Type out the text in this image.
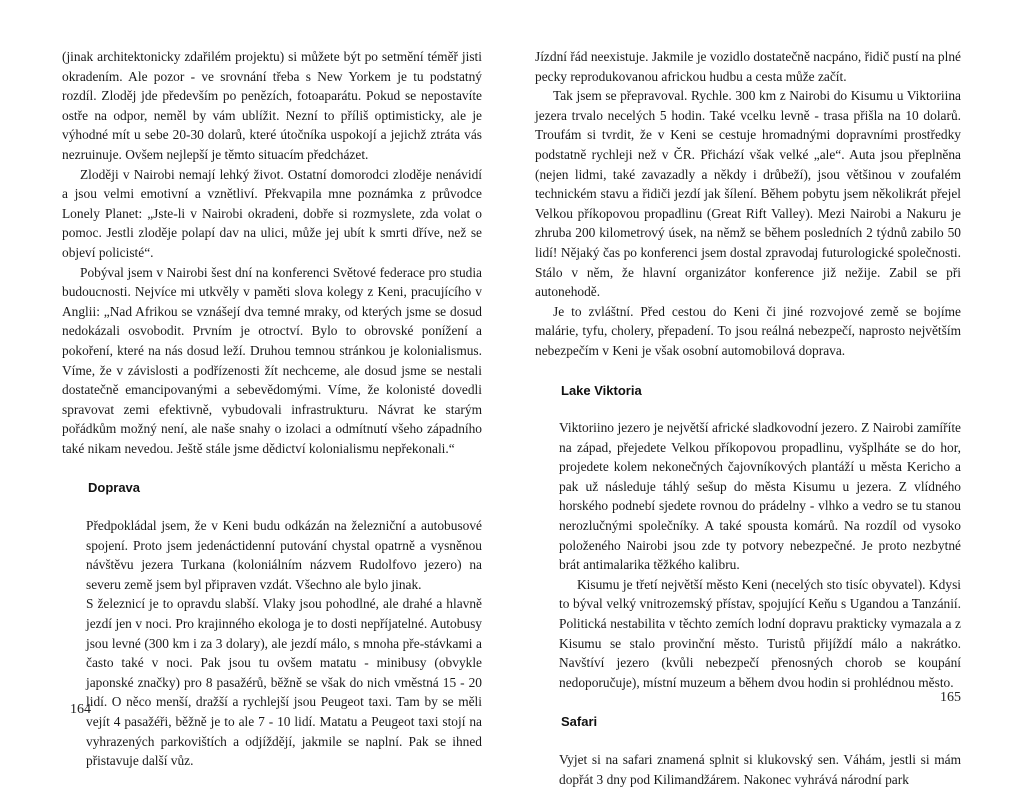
(jinak architektonicky zdařilém projektu) si můžete být po setmění téměř jisti okradením. Ale pozor - ve srovnání třeba s New Yorkem je tu podstatný rozdíl. Zloděj jde především po penězích, fotoaparátu. Pokud se nepostavíte ostře na odpor, neměl by vám ublížit. Nezní to příliš optimisticky, ale je výhodné mít u sebe 20-30 dolarů, které útočníka uspokojí a jejichž ztráta vás nezruinuje. Ovšem nejlepší je těmto situacím předcházet.

Zloději v Nairobi nemají lehký život. Ostatní domorodci zloděje nenávidí a jsou velmi emotivní a vznětliví. Překvapila mne poznámka z průvodce Lonely Planet: „Jste-li v Nairobi okradeni, dobře si rozmyslete, zda volat o pomoc. Jestli zloděje polapí dav na ulici, může jej ubít k smrti dříve, než se objeví policisté“.

Pobýval jsem v Nairobi šest dní na konferenci Světové federace pro studia budoucnosti. Nejvíce mi utkvěly v paměti slova kolegy z Keni, pracujícího v Anglii: „Nad Afrikou se vznášejí dva temné mraky, od kterých jsme se dosud nedokázali osvobodit. Prvním je otroctví. Bylo to obrovské ponížení a pokoření, které na nás dosud leží. Druhou temnou stránkou je kolonialismus. Víme, že v závislosti a podřízenosti žít nechceme, ale dosud jsme se nestali dostatečně emancipovanými a sebevědomými. Víme, že kolonisté dovedli spravovat zemi efektivně, vybudovali infrastrukturu. Návrat ke starým pořádkům možný není, ale naše snahy o izolaci a odmítnutí všeho západního také nikam nevedou. Ještě stále jsme dědictví kolonialismu nepřekonali.“

Doprava

Předpokládal jsem, že v Keni budu odkázán na železniční a autobusové spojení. Proto jsem jedenáctidenní putování chystal opatrně a vysněnou návštěvu jezera Turkana (koloniálním názvem Rudolfovo jezero) na severu země jsem byl připraven vzdát. Všechno ale bylo jinak.

S železnicí je to opravdu slabší. Vlaky jsou pohodlné, ale drahé a hlavně jezdí jen v noci. Pro krajinného ekologa je to dosti nepříjatelné. Autobusy jsou levné (300 km i za 3 dolary), ale jezdí málo, s mnoha pře-stávkami a často také v noci. Pak jsou tu ovšem matatu - minibusy (obvykle japonské značky) pro 8 pasažérů, běžně se však do nich vměstná 15 - 20 lidí. O něco menší, dražší a rychlejší jsou Peugeot taxi. Tam by se měli vejít 4 pasažéři, běžně je to ale 7 - 10 lidí. Matatu a Peugeot taxi stojí na vyhrazených parkovištích a odjíždějí, jakmile se naplní. Pak se ihned přistavuje další vůz.

164

Jízdní řád neexistuje. Jakmile je vozidlo dostatečně nacpáno, řidič pustí na plné pecky reprodukovanou africkou hudbu a cesta může začít.

Tak jsem se přepravoval. Rychle. 300 km z Nairobi do Kisumu u Viktoriina jezera trvalo necelých 5 hodin. Také vcelku levně - trasa přišla na 10 dolarů. Troufám si tvrdit, že v Keni se cestuje hromadnými dopravními prostředky podstatně rychleji než v ČR. Přichází však velké „ale“. Auta jsou přeplněna (nejen lidmi, také zavazadly a někdy i drůbeží), jsou většinou v zoufalém technickém stavu a řidiči jezdí jak šílení. Během pobytu jsem několikrát přejel Velkou příkopovou propadlinu (Great Rift Valley). Mezi Nairobi a Nakuru je zhruba 200 kilometrový úsek, na němž se během posledních 2 týdnů zabilo 50 lidí! Nějaký čas po konferenci jsem dostal zpravodaj futurologické společnosti. Stálo v něm, že hlavní organizátor konference již nežije. Zabil se při autonehodě.

Je to zvláštní. Před cestou do Keni či jiné rozvojové země se bojíme malárie, tyfu, cholery, přepadení. To jsou reálná nebezpečí, naprosto největším nebezpečím v Keni je však osobní automobilová doprava.

Lake Viktoria

Viktoriino jezero je největší africké sladkovodní jezero. Z Nairobi zamíříte na západ, přejedete Velkou příkopovou propadlinu, vyšplháte se do hor, projedete kolem nekonečných čajovníkových plantáží u města Kericho a pak už následuje táhlý sešup do města Kisumu u jezera. Z vlídného horského podnebí sjedete rovnou do prádelny - vlhko a vedro se tu stanou nerozlučnými společníky. A také spousta komárů. Na rozdíl od vysoko položeného Nairobi jsou zde ty potvory nebezpečné. Je proto nezbytné brát antimalarika těžkého kalibru.

Kisumu je třetí největší město Keni (necelých sto tisíc obyvatel). Kdysi to býval velký vnitrozemský přístav, spojující Keňu s Ugandou a Tanzánií. Politická nestabilita v těchto zemích lodní dopravu prakticky vymazala a z Kisumu se stalo provinční město. Turistů přijíždí málo a nakrátko. Navštíví jezero (kvůli nebezpečí přenosných chorob se koupání nedoporučuje), místní muzeum a během dvou hodin si prohlédnou město.

Safari

Vyjet si na safari znamená splnit si klukovský sen. Váhám, jestli si mám dopřát 3 dny pod Kilimandžárem. Nakonec vyhrává národní park

165
